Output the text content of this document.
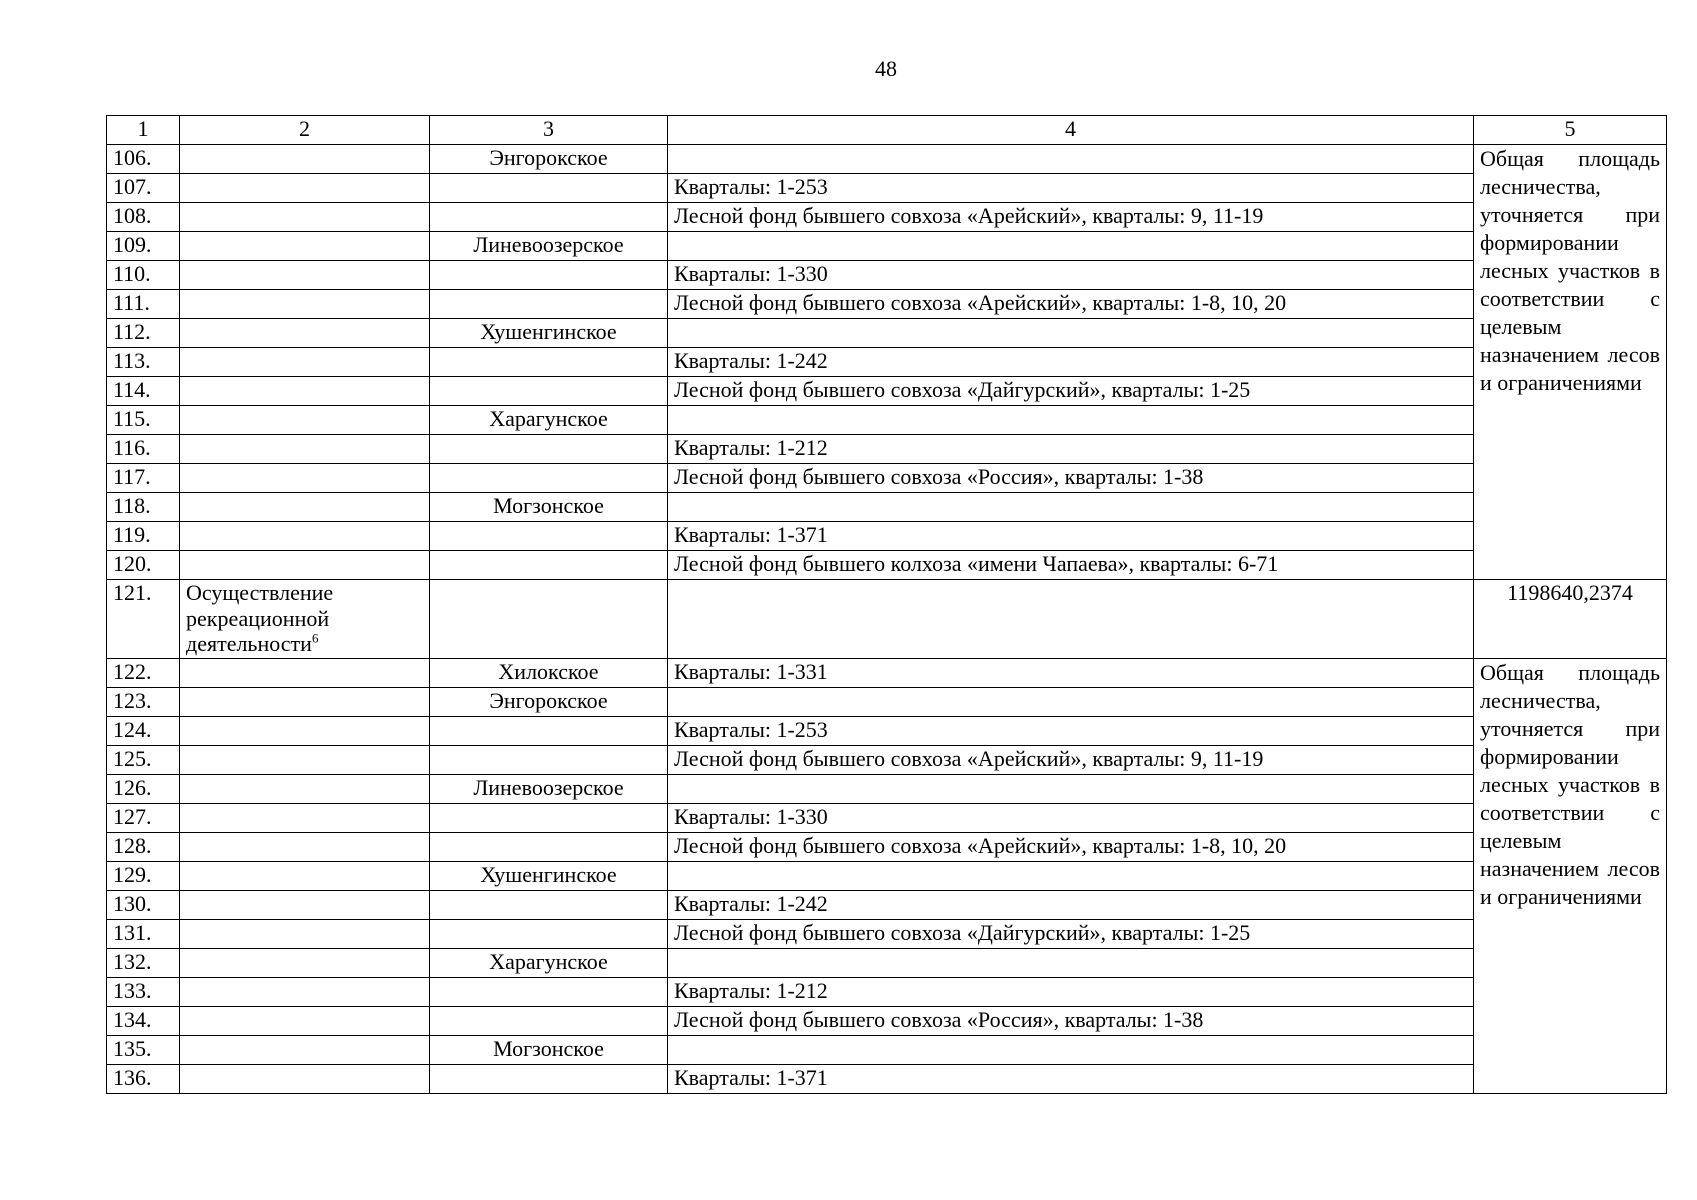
48
1	2	3	4	5
106.		Энгорокское		Общая площадь лесничества, уточняется при формировании лесных участков в соответствии с целевым назначением лесов и ограничениями
107.			Кварталы: 1-253	
108.			Лесной фонд бывшего совхоза «Арейский», кварталы: 9, 11-19	
109.		Линевоозерское		
110.			Кварталы: 1-330	
111.			Лесной фонд бывшего совхоза «Арейский», кварталы: 1-8, 10, 20	
112.		Хушенгинское		
113.			Кварталы: 1-242	
114.			Лесной фонд бывшего совхоза «Дайгурский», кварталы: 1-25	
115.		Харагунское		
116.			Кварталы: 1-212	
117.			Лесной фонд бывшего совхоза «Россия», кварталы: 1-38	
118.		Могзонское		
119.			Кварталы: 1-371	
120.			Лесной фонд бывшего колхоза «имени Чапаева», кварталы: 6-71	
121.	Осуществление рекреационной деятельности$^6$			1198640,2374
122.		Хилокское	Кварталы: 1-331	Общая площадь лесничества, уточняется при формировании лесных участков в соответствии с целевым назначением лесов и ограничениями
123.		Энгорокское		
124.			Кварталы: 1-253	
125.			Лесной фонд бывшего совхоза «Арейский», кварталы: 9, 11-19	
126.		Линевоозерское		
127.			Кварталы: 1-330	
128.			Лесной фонд бывшего совхоза «Арейский», кварталы: 1-8, 10, 20	
129.		Хушенгинское		
130.			Кварталы: 1-242	
131.			Лесной фонд бывшего совхоза «Дайгурский», кварталы: 1-25	
132.		Харагунское		
133.			Кварталы: 1-212	
134.			Лесной фонд бывшего совхоза «Россия», кварталы: 1-38	
135.		Могзонское		
136.			Кварталы: 1-371	
